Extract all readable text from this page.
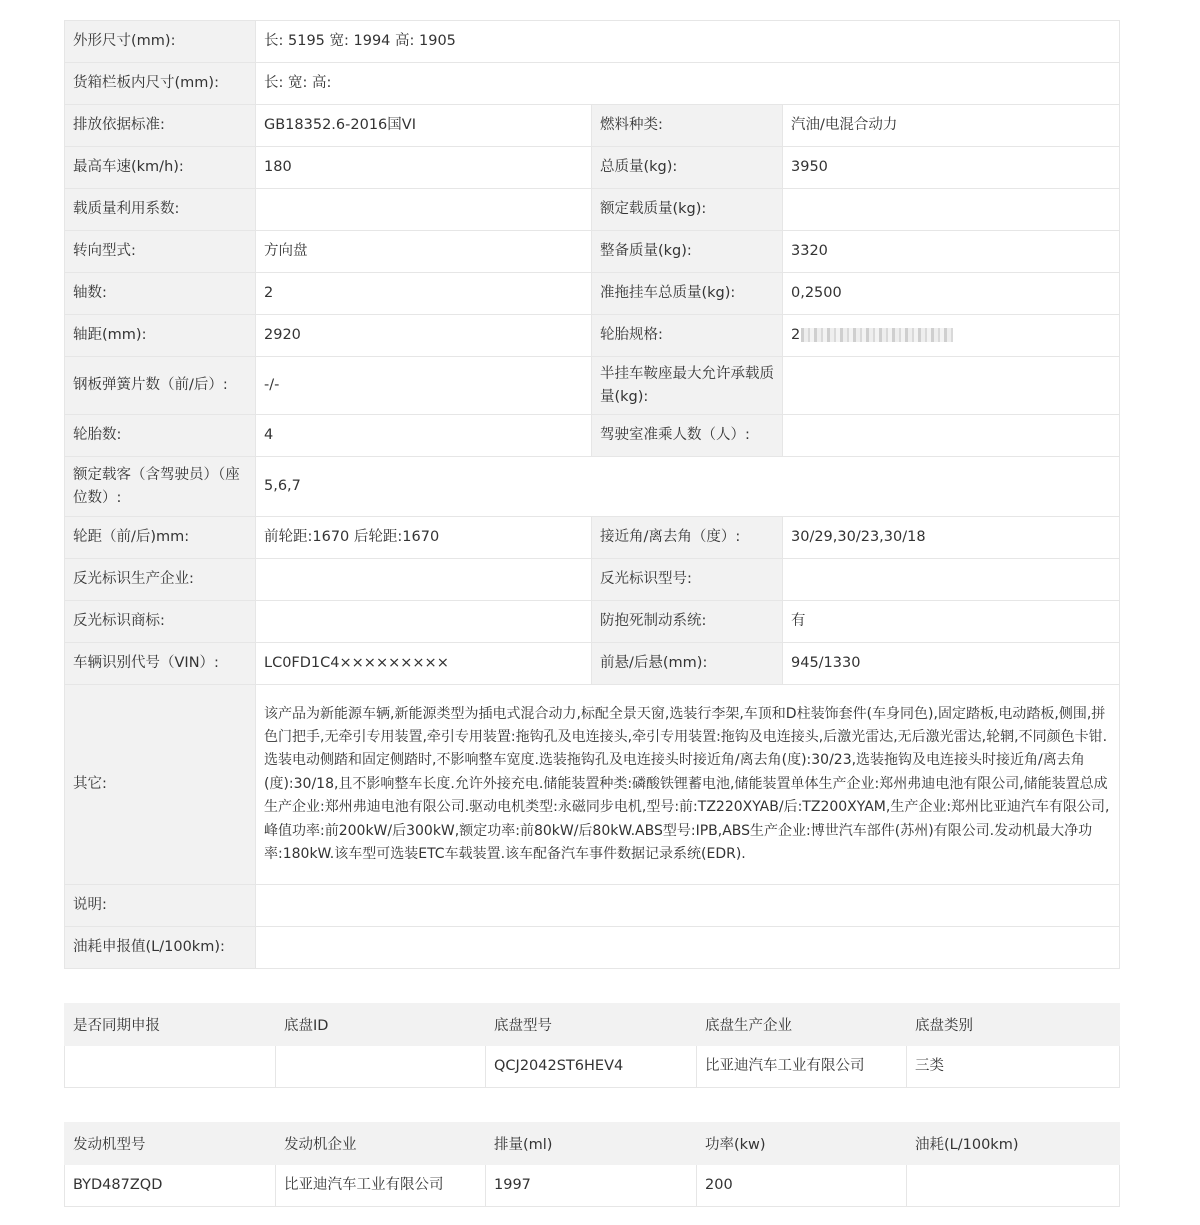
外形尺寸(mm):	长: 5195 宽: 1994 高: 1905		
货箱栏板内尺寸(mm):	长: 宽: 高:		
排放依据标准:	GB18352.6-2016国VI	燃料种类:	汽油/电混合动力
最高车速(km/h):	180	总质量(kg):	3950
载质量利用系数:		额定载质量(kg):	
转向型式:	方向盘	整备质量(kg):	3320
轴数:	2	准拖挂车总质量(kg):	0,2500
轴距(mm):	2920	轮胎规格:	2
钢板弹簧片数（前/后）:	-/-	半挂车鞍座最大允许承载质量(kg):	
轮胎数:	4	驾驶室准乘人数（人）:	
额定载客（含驾驶员）（座位数）:	5,6,7		
轮距（前/后)mm:	前轮距:1670 后轮距:1670	接近角/离去角（度）:	30/29,30/23,30/18
反光标识生产企业:		反光标识型号:	
反光标识商标:		防抱死制动系统:	有
车辆识别代号（VIN）:	LC0FD1C4×××××××××	前悬/后悬(mm):	945/1330
其它:	该产品为新能源车辆,新能源类型为插电式混合动力,标配全景天窗,选装行李架,车顶和D柱装饰套件(车身同色),固定踏板,电动踏板,侧围,拼色门把手,无牵引专用装置,牵引专用装置:拖钩孔及电连接头,牵引专用装置:拖钩及电连接头,后激光雷达,无后激光雷达,轮辋,不同颜色卡钳.选装电动侧踏和固定侧踏时,不影响整车宽度.选装拖钩孔及电连接头时接近角/离去角(度):30/23,选装拖钩及电连接头时接近角/离去角(度):30/18,且不影响整车长度.允许外接充电.储能装置种类:磷酸铁锂蓄电池,储能装置单体生产企业:郑州弗迪电池有限公司,储能装置总成生产企业:郑州弗迪电池有限公司.驱动电机类型:永磁同步电机,型号:前:TZ220XYAB/后:TZ200XYAM,生产企业:郑州比亚迪汽车有限公司,峰值功率:前200kW/后300kW,额定功率:前80kW/后80kW.ABS型号:IPB,ABS生产企业:博世汽车部件(苏州)有限公司.发动机最大净功率:180kW.该车型可选装ETC车载装置.该车配备汽车事件数据记录系统(EDR).		
说明:			
油耗申报值(L/100km):			
是否同期申报	底盘ID	底盘型号	底盘生产企业	底盘类别
		QCJ2042ST6HEV4	比亚迪汽车工业有限公司	三类
发动机型号	发动机企业	排量(ml)	功率(kw)	油耗(L/100km)
BYD487ZQD	比亚迪汽车工业有限公司	1997	200	
